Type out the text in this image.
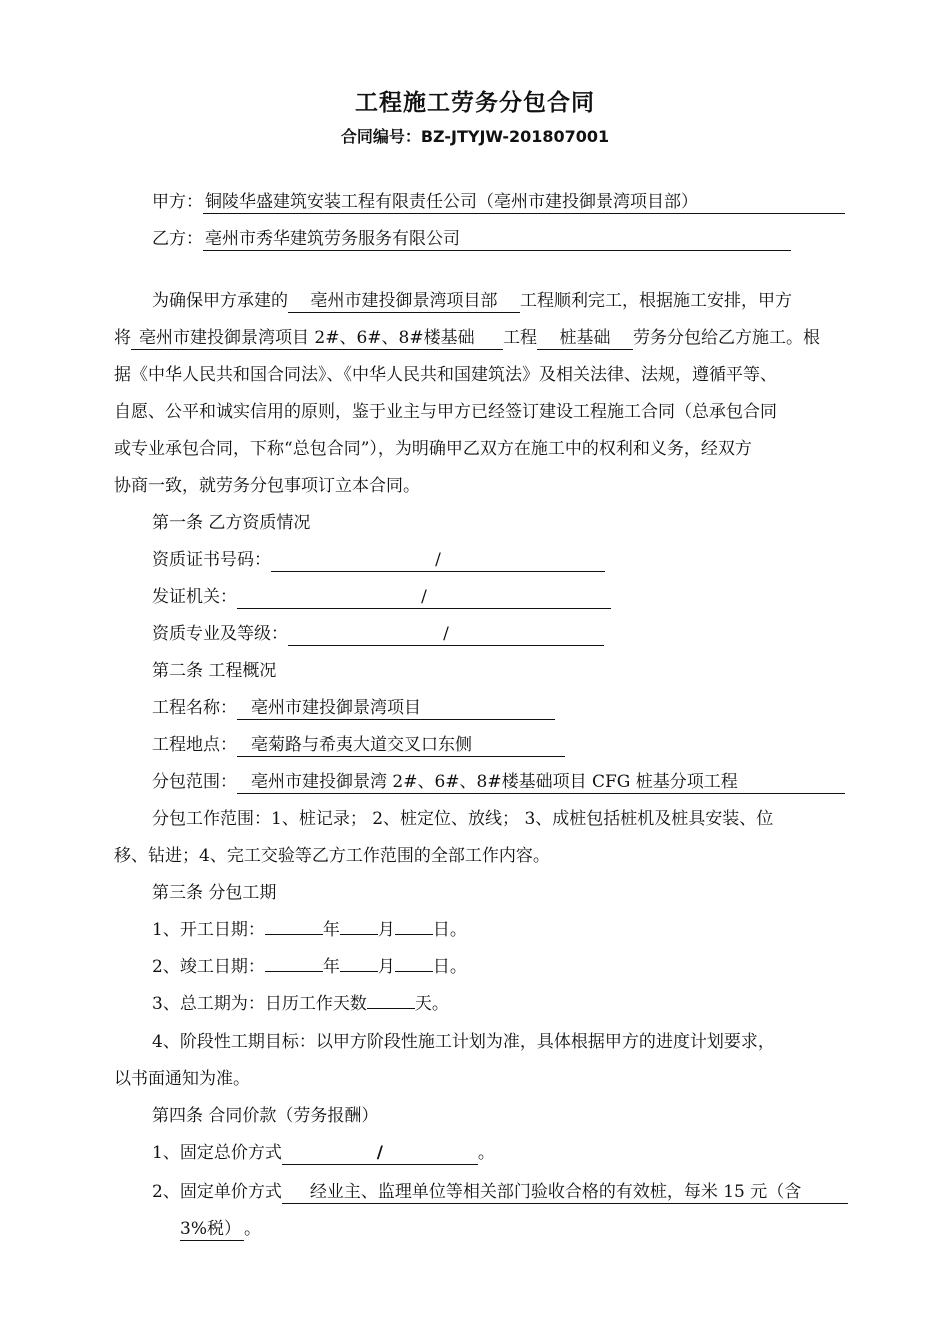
工程施工劳务分包合同
合同编号：BZ-JTYJW-201807001
甲方： 铜陵华盛建筑安装工程有限责任公司（亳州市建投御景湾项目部）
乙方： 亳州市秀华建筑劳务服务有限公司
为确保甲方承建的 亳州市建投御景湾项目部 工程顺利完工，根据施工安排，甲方
将 亳州市建投御景湾项目 2#、6#、8#楼基础 工程 桩基础 劳务分包给乙方施工。根
据《中华人民共和国合同法》、《中华人民共和国建筑法》及相关法律、法规，遵循平等、
自愿、公平和诚实信用的原则，鉴于业主与甲方已经签订建设工程施工合同（总承包合同
或专业承包合同，下称“总包合同”），为明确甲乙双方在施工中的权利和义务，经双方
协商一致，就劳务分包事项订立本合同。
第一条 乙方资质情况
资质证书号码：	/
发证机关：	/
资质专业及等级：	/
第二条 工程概况
工程名称： 亳州市建投御景湾项目
工程地点： 亳菊路与希夷大道交叉口东侧
分包范围： 亳州市建投御景湾 2#、6#、8#楼基础项目 CFG 桩基分项工程
分包工作范围：1、桩记录； 2、桩定位、放线； 3、成桩包括桩机及桩具安装、位
移、钻进；4、完工交验等乙方工作范围的全部工作内容。
第三条 分包工期
1、开工日期：	年 月 日。
2、竣工日期：	年 月 日。
3、总工期为：日历工作天数	天。
4、阶段性工期目标：以甲方阶段性施工计划为准，具体根据甲方的进度计划要求，
以书面通知为准。
第四条 合同价款（劳务报酬）
1、固定总价方式	/	。
2、固定单价方式 经业主、监理单位等相关部门验收合格的有效桩，每米 15 元（含
3%税） 。
